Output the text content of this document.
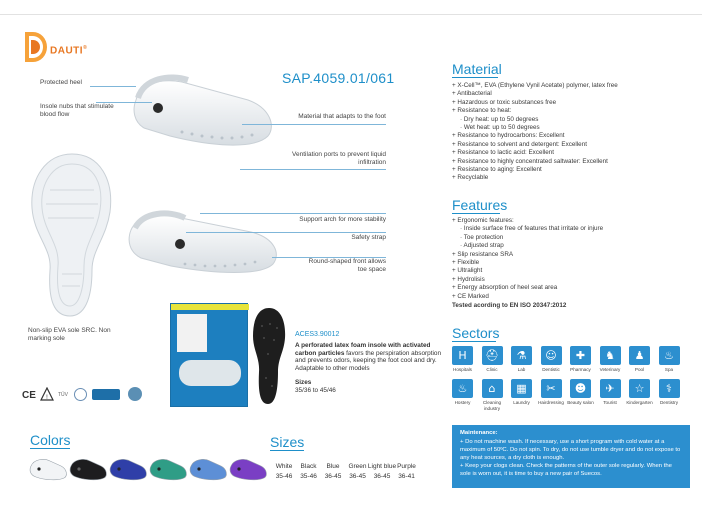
DAUTI®
Protected heel
Insole nubs that stimulate blood flow
SAP.4059.01/061
Material that adapts to the foot
Ventilation ports to prevent liquid infiltration
Support arch for more stability
Safety strap
Round-shaped front allows toe space
Non-slip EVA sole SRC. Non marking sole
ACES3.90012
A perforated latex foam insole with activated carbon particles favors the perspiration absorption and prevents odors, keeping the foot cool and dry. Adaptable to other models
Sizes
35/36 to 45/46
CE ! TÜV
Colors	Sizes
White
35-46
Black
35-46
Blue
36-45
Green
36-45
Light blue
36-45
Purple
36-41
Material
+ X-Cell™, EVA (Ethylene Vynil Acetate) polymer, latex free
+ Antibacterial
+ Hazardous or toxic substances free
+ Resistance to heat:
· Dry heat: up to 50 degrees
· Wet heat: up to 50 degrees
+ Resistance to hydrocarbons: Excellent
+ Resistance to solvent and detergent: Excellent
+ Resistance to lactic acid: Excellent
+ Resistance to highly concentrated saltwater: Excellent
+ Resistance to aging: Excellent
+ Recyclable
Features
+ Ergonomic features:
· Inside surface free of features that irritate or injure
· Toe protection
· Adjusted strap
+ Slip resistance SRA
+ Flexible
+ Ultralight
+ Hydrolisis
+ Energy absorption of heel seat area
+ CE Marked
Tested acording to EN ISO 20347:2012
Sectors
H
Hospitals
⛑
Clinic
⚗
Lab
☺
Dentistic
✚
Pharmacy
♞
Veterinary
♟
Pool
♨
Spa
♨
Hostery
⌂
Cleaning industry
▦
Laundry
✂
Hairdressing
☻
Beauty salon
✈
Tourist
☆
Kindergarten
⚕
Dentistry
Maintenance:
+ Do not machine wash. If necessary, use a short program with cold water at a maximum of 50ºC. Do not spin. To dry, do not use tumble dryer and do not expose to any heat sources, a dry cloth is enough.
+ Keep your clogs clean. Check the patterns of the outer sole regularly. When the sole is worn out, it is time to buy a new pair of Suecos.
